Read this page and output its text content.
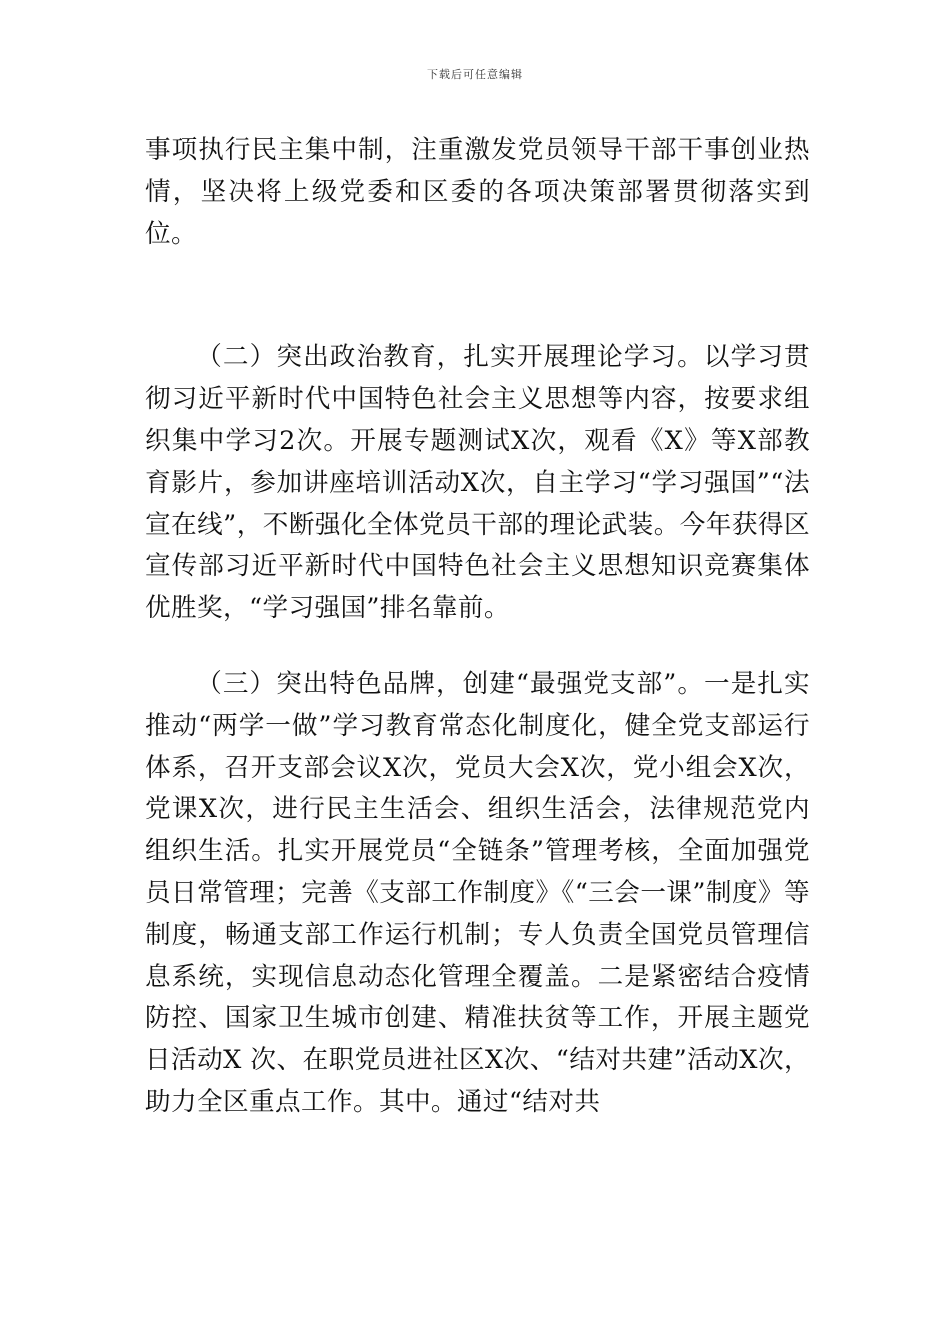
下载后可任意编辑

事项执行民主集中制，注重激发党员领导干部干事创业热情，坚决将上级党委和区委的各项决策部署贯彻落实到位。

（二）突出政治教育，扎实开展理论学习。以学习贯彻习近平新时代中国特色社会主义思想等内容，按要求组织集中学习2次。开展专题测试X次，观看《X》等X部教育影片，参加讲座培训活动X次，自主学习“学习强国”“法宣在线”，不断强化全体党员干部的理论武装。今年获得区宣传部习近平新时代中国特色社会主义思想知识竞赛集体优胜奖，“学习强国”排名靠前。

（三）突出特色品牌，创建“最强党支部”。一是扎实推动“两学一做”学习教育常态化制度化，健全党支部运行体系，召开支部会议X次，党员大会X次，党小组会X次，党课X次，进行民主生活会、组织生活会，法律规范党内组织生活。扎实开展党员“全链条”管理考核，全面加强党员日常管理；完善《支部工作制度》《“三会一课”制度》等制度，畅通支部工作运行机制；专人负责全国党员管理信息系统，实现信息动态化管理全覆盖。二是紧密结合疫情防控、国家卫生城市创建、精准扶贫等工作，开展主题党日活动X 次、在职党员进社区X次、“结对共建”活动X次，助力全区重点工作。其中。通过“结对共
